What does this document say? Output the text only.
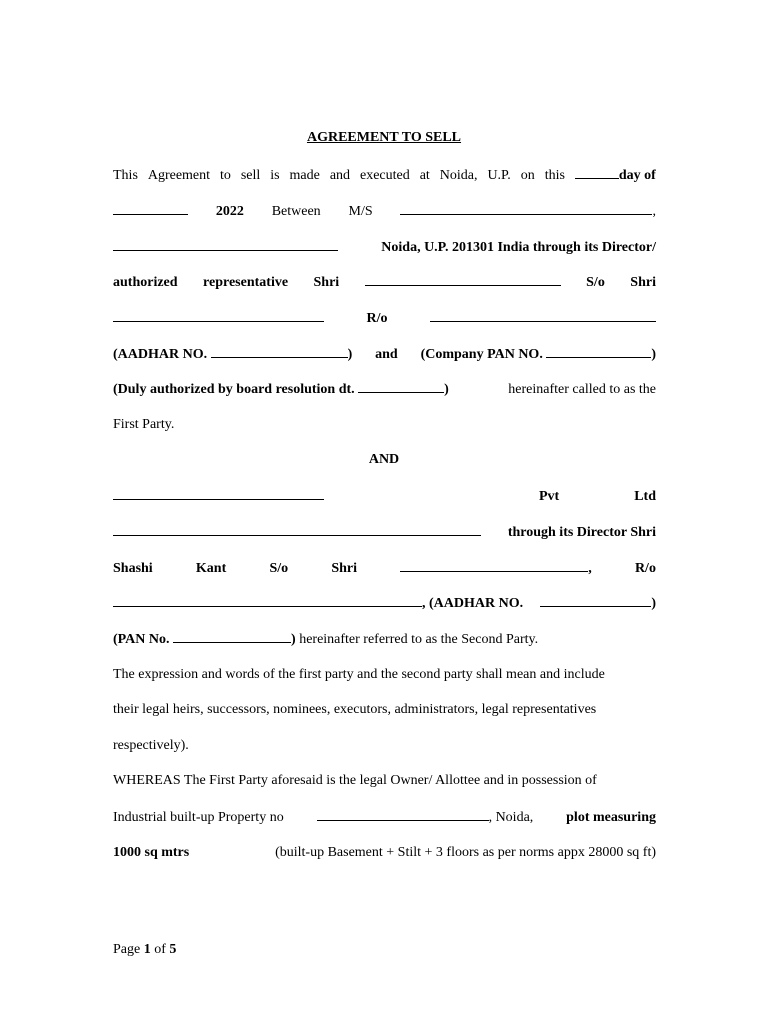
AGREEMENT TO SELL
This Agreement to sell is made and executed at Noida, U.P. on this	day of
2022 Between M/S	,
Noida, U.P. 201301 India through its Director/
authorized representative Shri	S/o Shri
R/o
(AADHAR NO.	) and (Company PAN NO.	)
(Duly authorized by board resolution dt.	)	hereinafter called to as the
First Party.
AND
Pvt	Ltd
through its Director Shri
Shashi	Kant	S/o	Shri	,	R/o
, (AADHAR NO.	)
(PAN No.	)
hereinafter referred to as the Second Party.
The expression and words of the first party and the second party shall mean and include
their legal heirs, successors, nominees, executors, administrators, legal representatives
respectively).
WHEREAS The First Party aforesaid is the legal Owner/ Allottee and in possession of
Industrial built-up Property no	, Noida, plot measuring
1000 sq mtrs	(built-up Basement + Stilt + 3 floors as per norms appx 28000 sq ft)
Page 1 of 5
